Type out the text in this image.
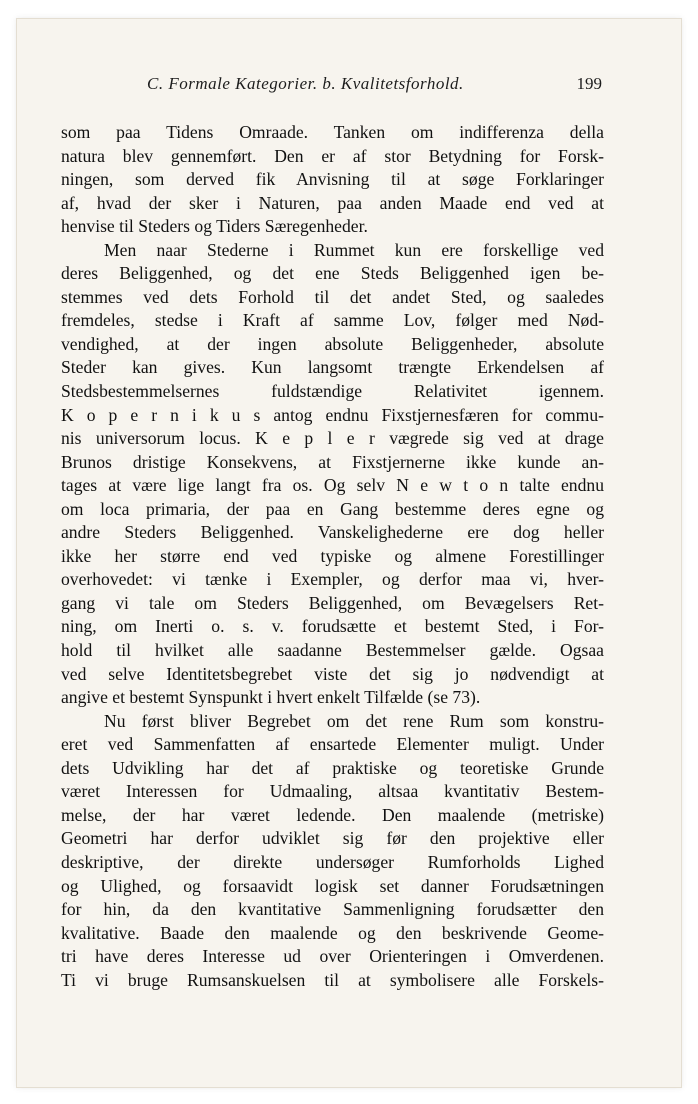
C. Formale Kategorier. b. Kvalitetsforhold.	199
som paa Tidens Omraade. Tanken om indifferenza della
natura blev gennemført. Den er af stor Betydning for Forsk-
ningen, som derved fik Anvisning til at søge Forklaringer
af, hvad der sker i Naturen, paa anden Maade end ved at
henvise til Steders og Tiders Særegenheder.
Men naar Stederne i Rummet kun ere forskellige ved
deres Beliggenhed, og det ene Steds Beliggenhed igen be-
stemmes ved dets Forhold til det andet Sted, og saaledes
fremdeles, stedse i Kraft af samme Lov, følger med Nød-
vendighed, at der ingen absolute Beliggenheder, absolute
Steder kan gives. Kun langsomt trængte Erkendelsen af
Stedsbestemmelsernes fuldstændige Relativitet igennem.
K o p e r n i k u s antog endnu Fixstjernesfæren for commu-
nis universorum locus. K e p l e r vægrede sig ved at drage
Brunos dristige Konsekvens, at Fixstjernerne ikke kunde an-
tages at være lige langt fra os. Og selv N e w t o n talte endnu
om loca primaria, der paa en Gang bestemme deres egne og
andre Steders Beliggenhed. Vanskelighederne ere dog heller
ikke her større end ved typiske og almene Forestillinger
overhovedet: vi tænke i Exempler, og derfor maa vi, hver-
gang vi tale om Steders Beliggenhed, om Bevægelsers Ret-
ning, om Inerti o. s. v. forudsætte et bestemt Sted, i For-
hold til hvilket alle saadanne Bestemmelser gælde. Ogsaa
ved selve Identitetsbegrebet viste det sig jo nødvendigt at
angive et bestemt Synspunkt i hvert enkelt Tilfælde (se 73).
Nu først bliver Begrebet om det rene Rum som konstru-
eret ved Sammenfatten af ensartede Elementer muligt. Under
dets Udvikling har det af praktiske og teoretiske Grunde
været Interessen for Udmaaling, altsaa kvantitativ Bestem-
melse, der har været ledende. Den maalende (metriske)
Geometri har derfor udviklet sig før den projektive eller
deskriptive, der direkte undersøger Rumforholds Lighed
og Ulighed, og forsaavidt logisk set danner Forudsætningen
for hin, da den kvantitative Sammenligning forudsætter den
kvalitative. Baade den maalende og den beskrivende Geome-
tri have deres Interesse ud over Orienteringen i Omverdenen.
Ti vi bruge Rumsanskuelsen til at symbolisere alle Forskels-
